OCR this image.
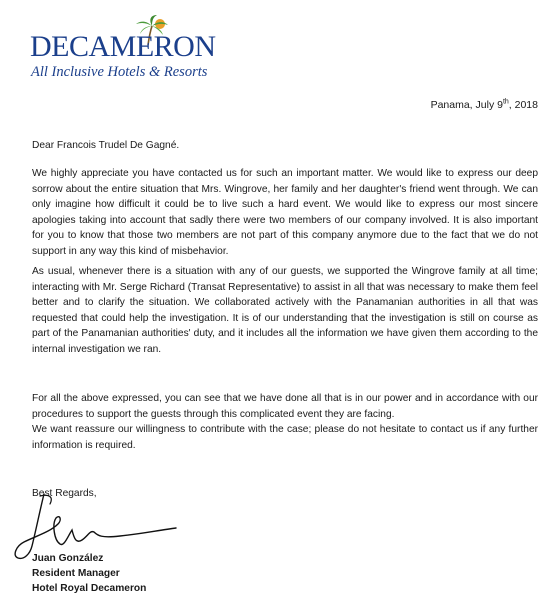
DECAMERON
All Inclusive Hotels & Resorts
Panama, July 9th, 2018
Dear Francois Trudel De Gagné.
We highly appreciate you have contacted us for such an important matter. We would like to express our deep sorrow about the entire situation that Mrs. Wingrove, her family and her daughter's friend went through. We can only imagine how difficult it could be to live such a hard event. We would like to express our most sincere apologies taking into account that sadly there were two members of our company involved. It is also important for you to know that those two members are not part of this company anymore due to the fact that we do not support in any way this kind of misbehavior.
As usual, whenever there is a situation with any of our guests, we supported the Wingrove family at all time; interacting with Mr. Serge Richard (Transat Representative) to assist in all that was necessary to make them feel better and to clarify the situation. We collaborated actively with the Panamanian authorities in all that was requested that could help the investigation. It is of our understanding that the investigation is still on course as part of the Panamanian authorities' duty, and it includes all the information we have given them according to the internal investigation we ran.
For all the above expressed, you can see that we have done all that is in our power and in accordance with our procedures to support the guests through this complicated event they are facing.
We want reassure our willingness to contribute with the case; please do not hesitate to contact us if any further information is required.
Best Regards,
Juan González
Resident Manager
Hotel Royal Decameron
